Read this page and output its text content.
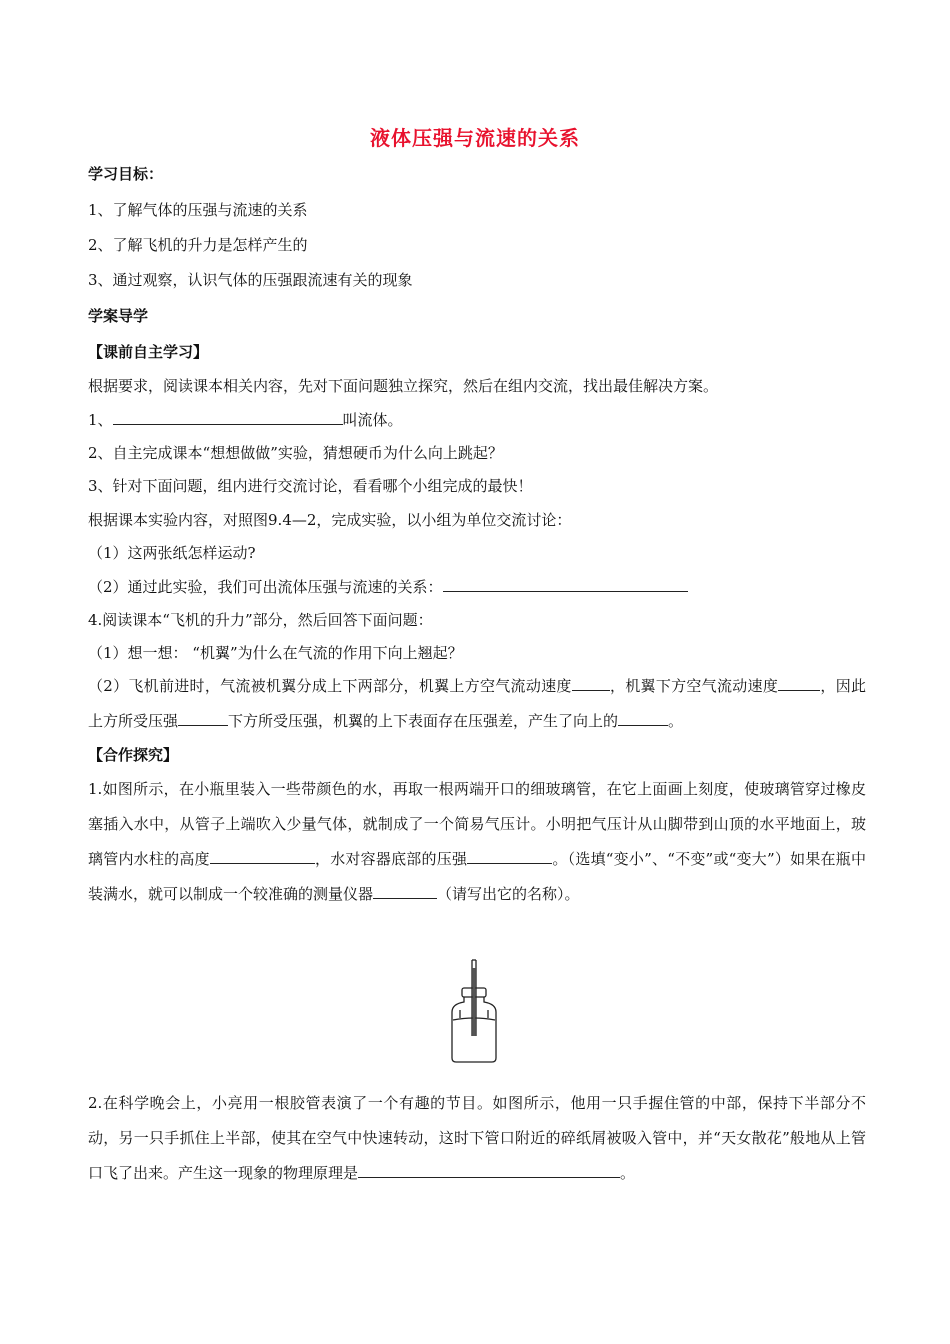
液体压强与流速的关系
学习目标：
1、了解气体的压强与流速的关系
2、了解飞机的升力是怎样产生的
3、通过观察，认识气体的压强跟流速有关的现象
学案导学
【课前自主学习】
根据要求，阅读课本相关内容，先对下面问题独立探究，然后在组内交流，找出最佳解决方案。
1、	叫流体。
2、自主完成课本“想想做做”实验，猜想硬币为什么向上跳起？
3、针对下面问题，组内进行交流讨论，看看哪个小组完成的最快！
根据课本实验内容，对照图9.4—2，完成实验，以小组为单位交流讨论：
（1）这两张纸怎样运动?
（2）通过此实验，我们可出流体压强与流速的关系：
4.阅读课本“飞机的升力”部分，然后回答下面问题：
（1）想一想： “机翼”为什么在气流的作用下向上翘起？
（2）飞机前进时，气流被机翼分成上下两部分，机翼上方空气流动速度	，机翼下方空气流动速度	，因此上方所受压强	下方所受压强，机翼的上下表面存在压强差，产生了向上的	。
【合作探究】
1.如图所示，在小瓶里装入一些带颜色的水，再取一根两端开口的细玻璃管，在它上面画上刻度，使玻璃管穿过橡皮塞插入水中，从管子上端吹入少量气体，就制成了一个简易气压计。小明把气压计从山脚带到山顶的水平地面上，玻璃管内水柱的高度	，水对容器底部的压强	。（选填“变小”、“不变”或“变大”）如果在瓶中装满水，就可以制成一个较准确的测量仪器	（请写出它的名称）。
2.在科学晚会上，小亮用一根胶管表演了一个有趣的节目。如图所示，他用一只手握住管的中部，保持下半部分不动，另一只手抓住上半部，使其在空气中快速转动，这时下管口附近的碎纸屑被吸入管中，并“天女散花”般地从上管口飞了出来。产生这一现象的物理原理是	。
